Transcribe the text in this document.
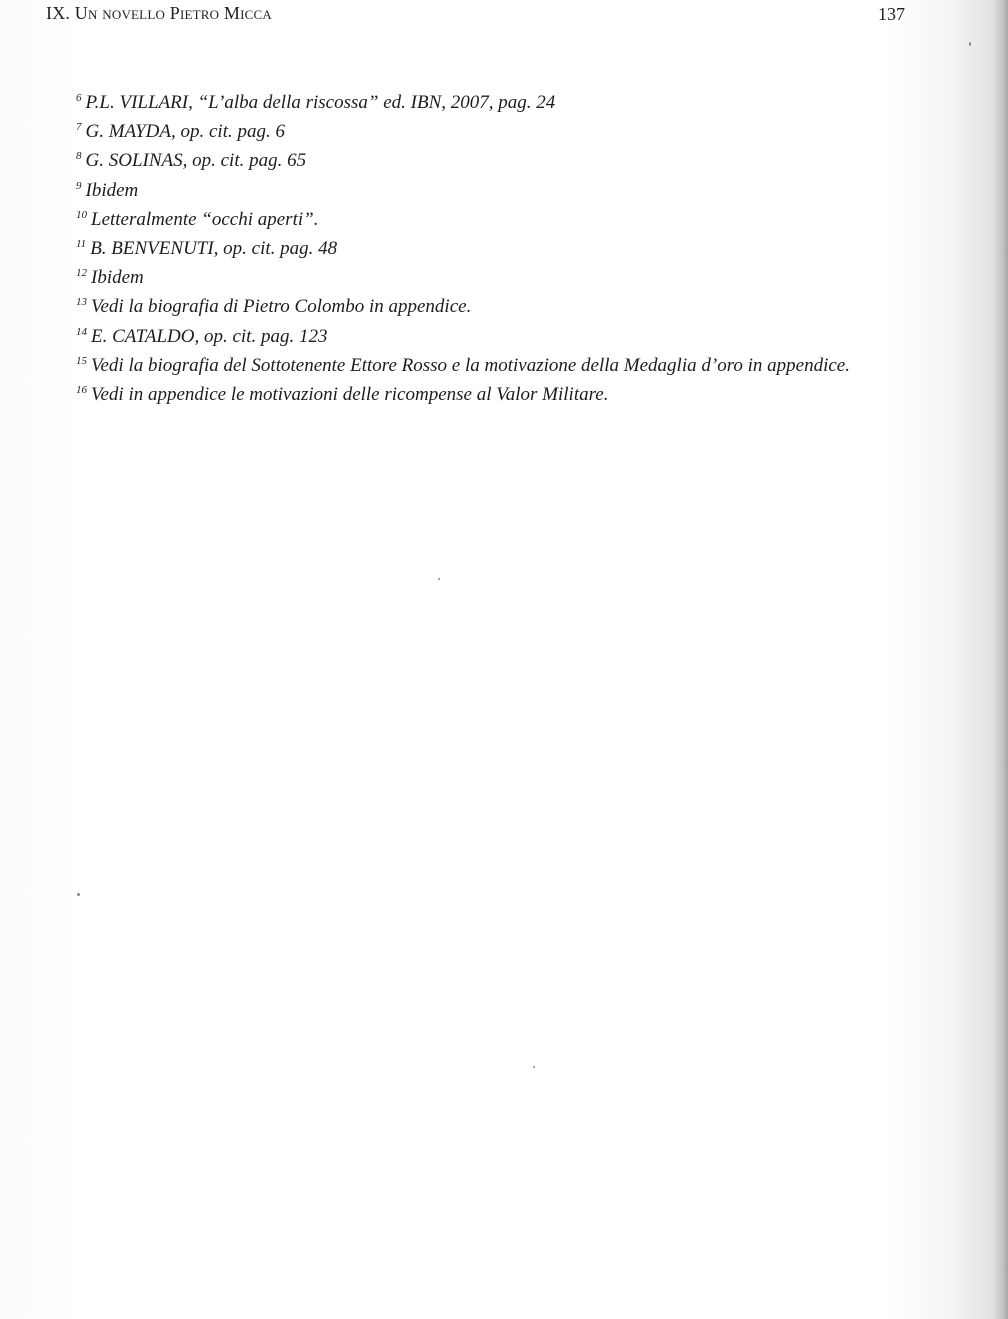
IX. Un novello Pietro Micca	137
$^6$ P.L. VILLARI, “L’alba della riscossa” ed. IBN, 2007, pag. 24
$^7$ G. MAYDA, op. cit. pag. 6
$^8$ G. SOLINAS, op. cit. pag. 65
$^9$ Ibidem
$^{10}$ Letteralmente “occhi aperti”.
$^{11}$ B. BENVENUTI, op. cit. pag. 48
$^{12}$ Ibidem
$^{13}$ Vedi la biografia di Pietro Colombo in appendice.
$^{14}$ E. CATALDO, op. cit. pag. 123
$^{15}$ Vedi la biografia del Sottotenente Ettore Rosso e la motivazione della Medaglia d’oro in appendice.
$^{16}$ Vedi in appendice le motivazioni delle ricompense al Valor Militare.
